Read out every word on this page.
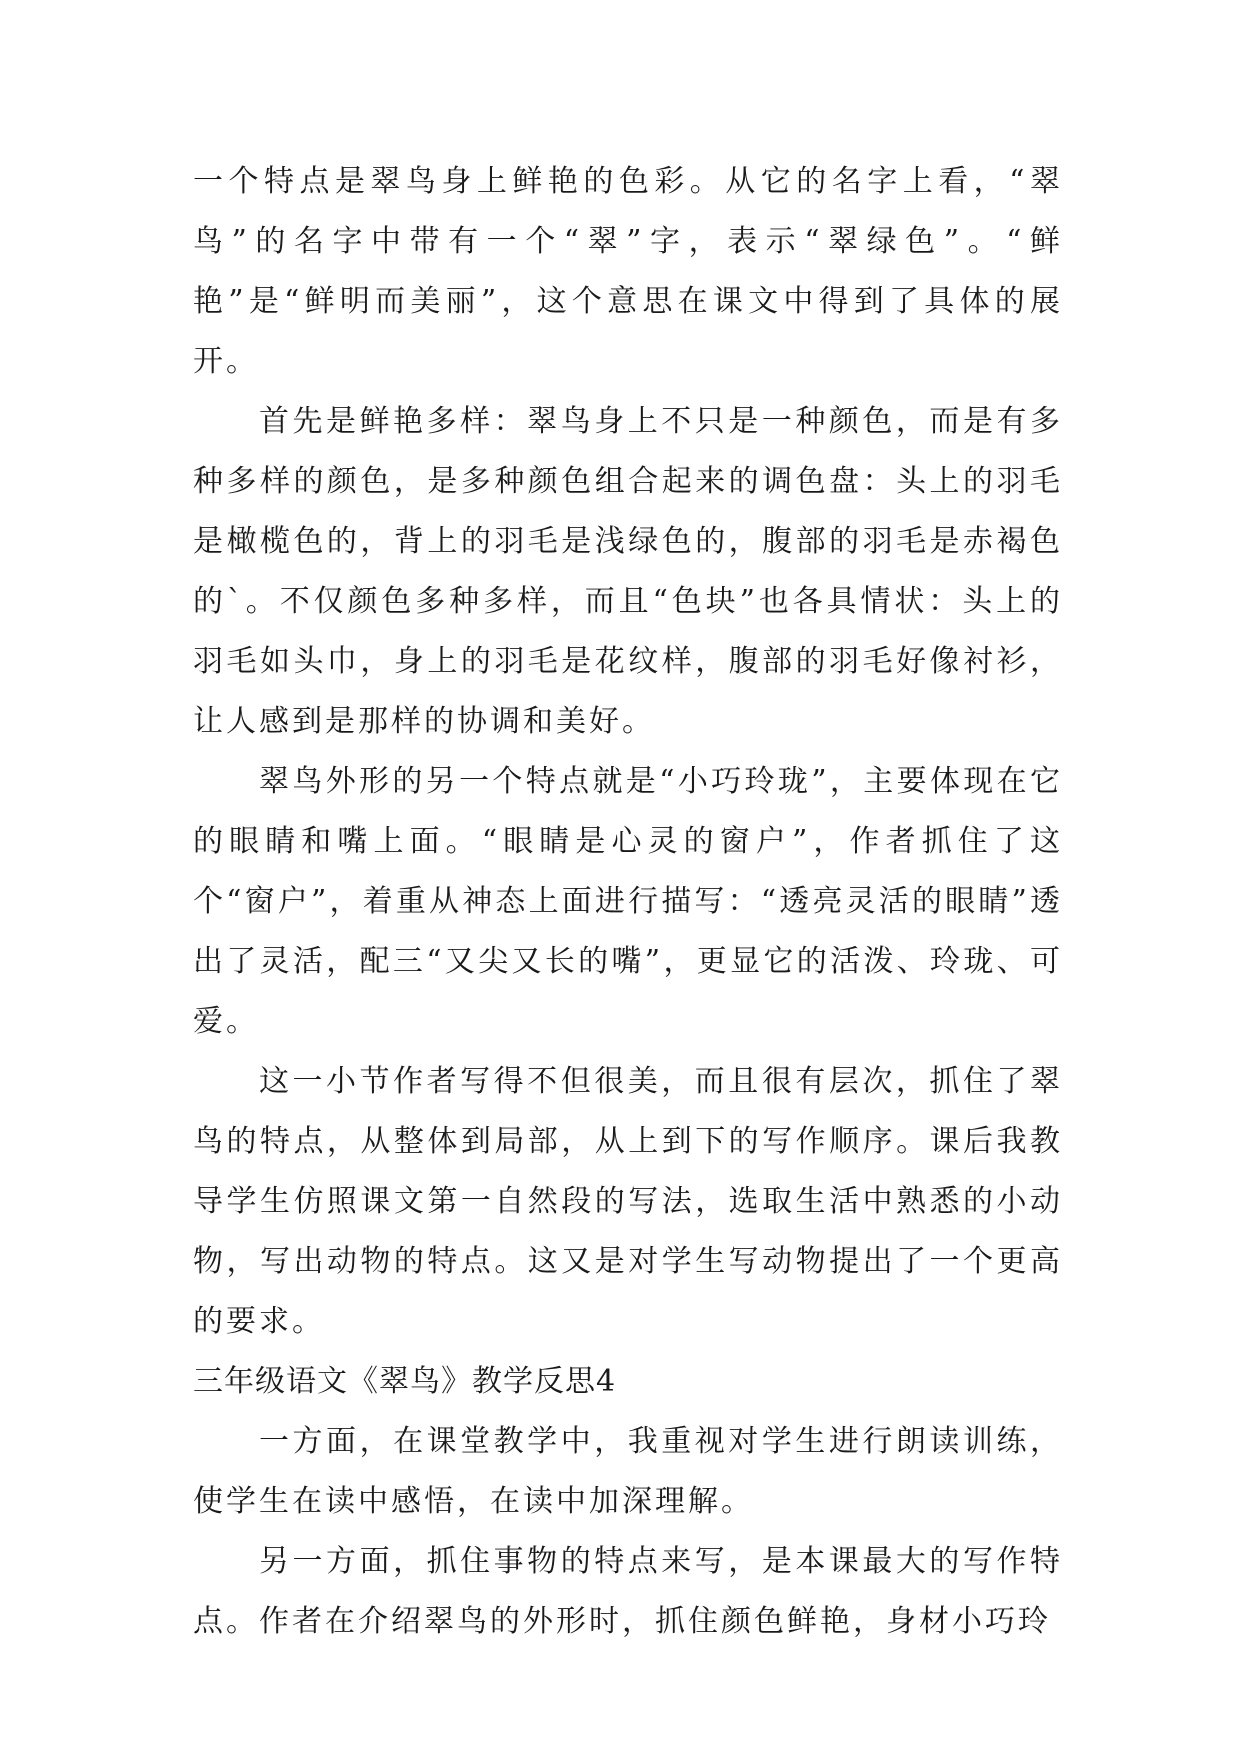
一个特点是翠鸟身上鲜艳的色彩。从它的名字上看，“翠鸟”的名字中带有一个“翠”字，表示“翠绿色”。“鲜艳”是“鲜明而美丽”，这个意思在课文中得到了具体的展开。

首先是鲜艳多样：翠鸟身上不只是一种颜色，而是有多种多样的颜色，是多种颜色组合起来的调色盘：头上的羽毛是橄榄色的，背上的羽毛是浅绿色的，腹部的羽毛是赤褐色的`。不仅颜色多种多样，而且“色块”也各具情状：头上的羽毛如头巾，身上的羽毛是花纹样，腹部的羽毛好像衬衫，让人感到是那样的协调和美好。

翠鸟外形的另一个特点就是“小巧玲珑”，主要体现在它的眼睛和嘴上面。“眼睛是心灵的窗户”，作者抓住了这个“窗户”，着重从神态上面进行描写：“透亮灵活的眼睛”透出了灵活，配三“又尖又长的嘴”，更显它的活泼、玲珑、可爱。

这一小节作者写得不但很美，而且很有层次，抓住了翠鸟的特点，从整体到局部，从上到下的写作顺序。课后我教导学生仿照课文第一自然段的写法，选取生活中熟悉的小动物，写出动物的特点。这又是对学生写动物提出了一个更高的要求。

三年级语文《翠鸟》教学反思4

一方面，在课堂教学中，我重视对学生进行朗读训练，使学生在读中感悟，在读中加深理解。

另一方面，抓住事物的特点来写，是本课最大的写作特点。作者在介绍翠鸟的外形时，抓住颜色鲜艳，身材小巧玲
